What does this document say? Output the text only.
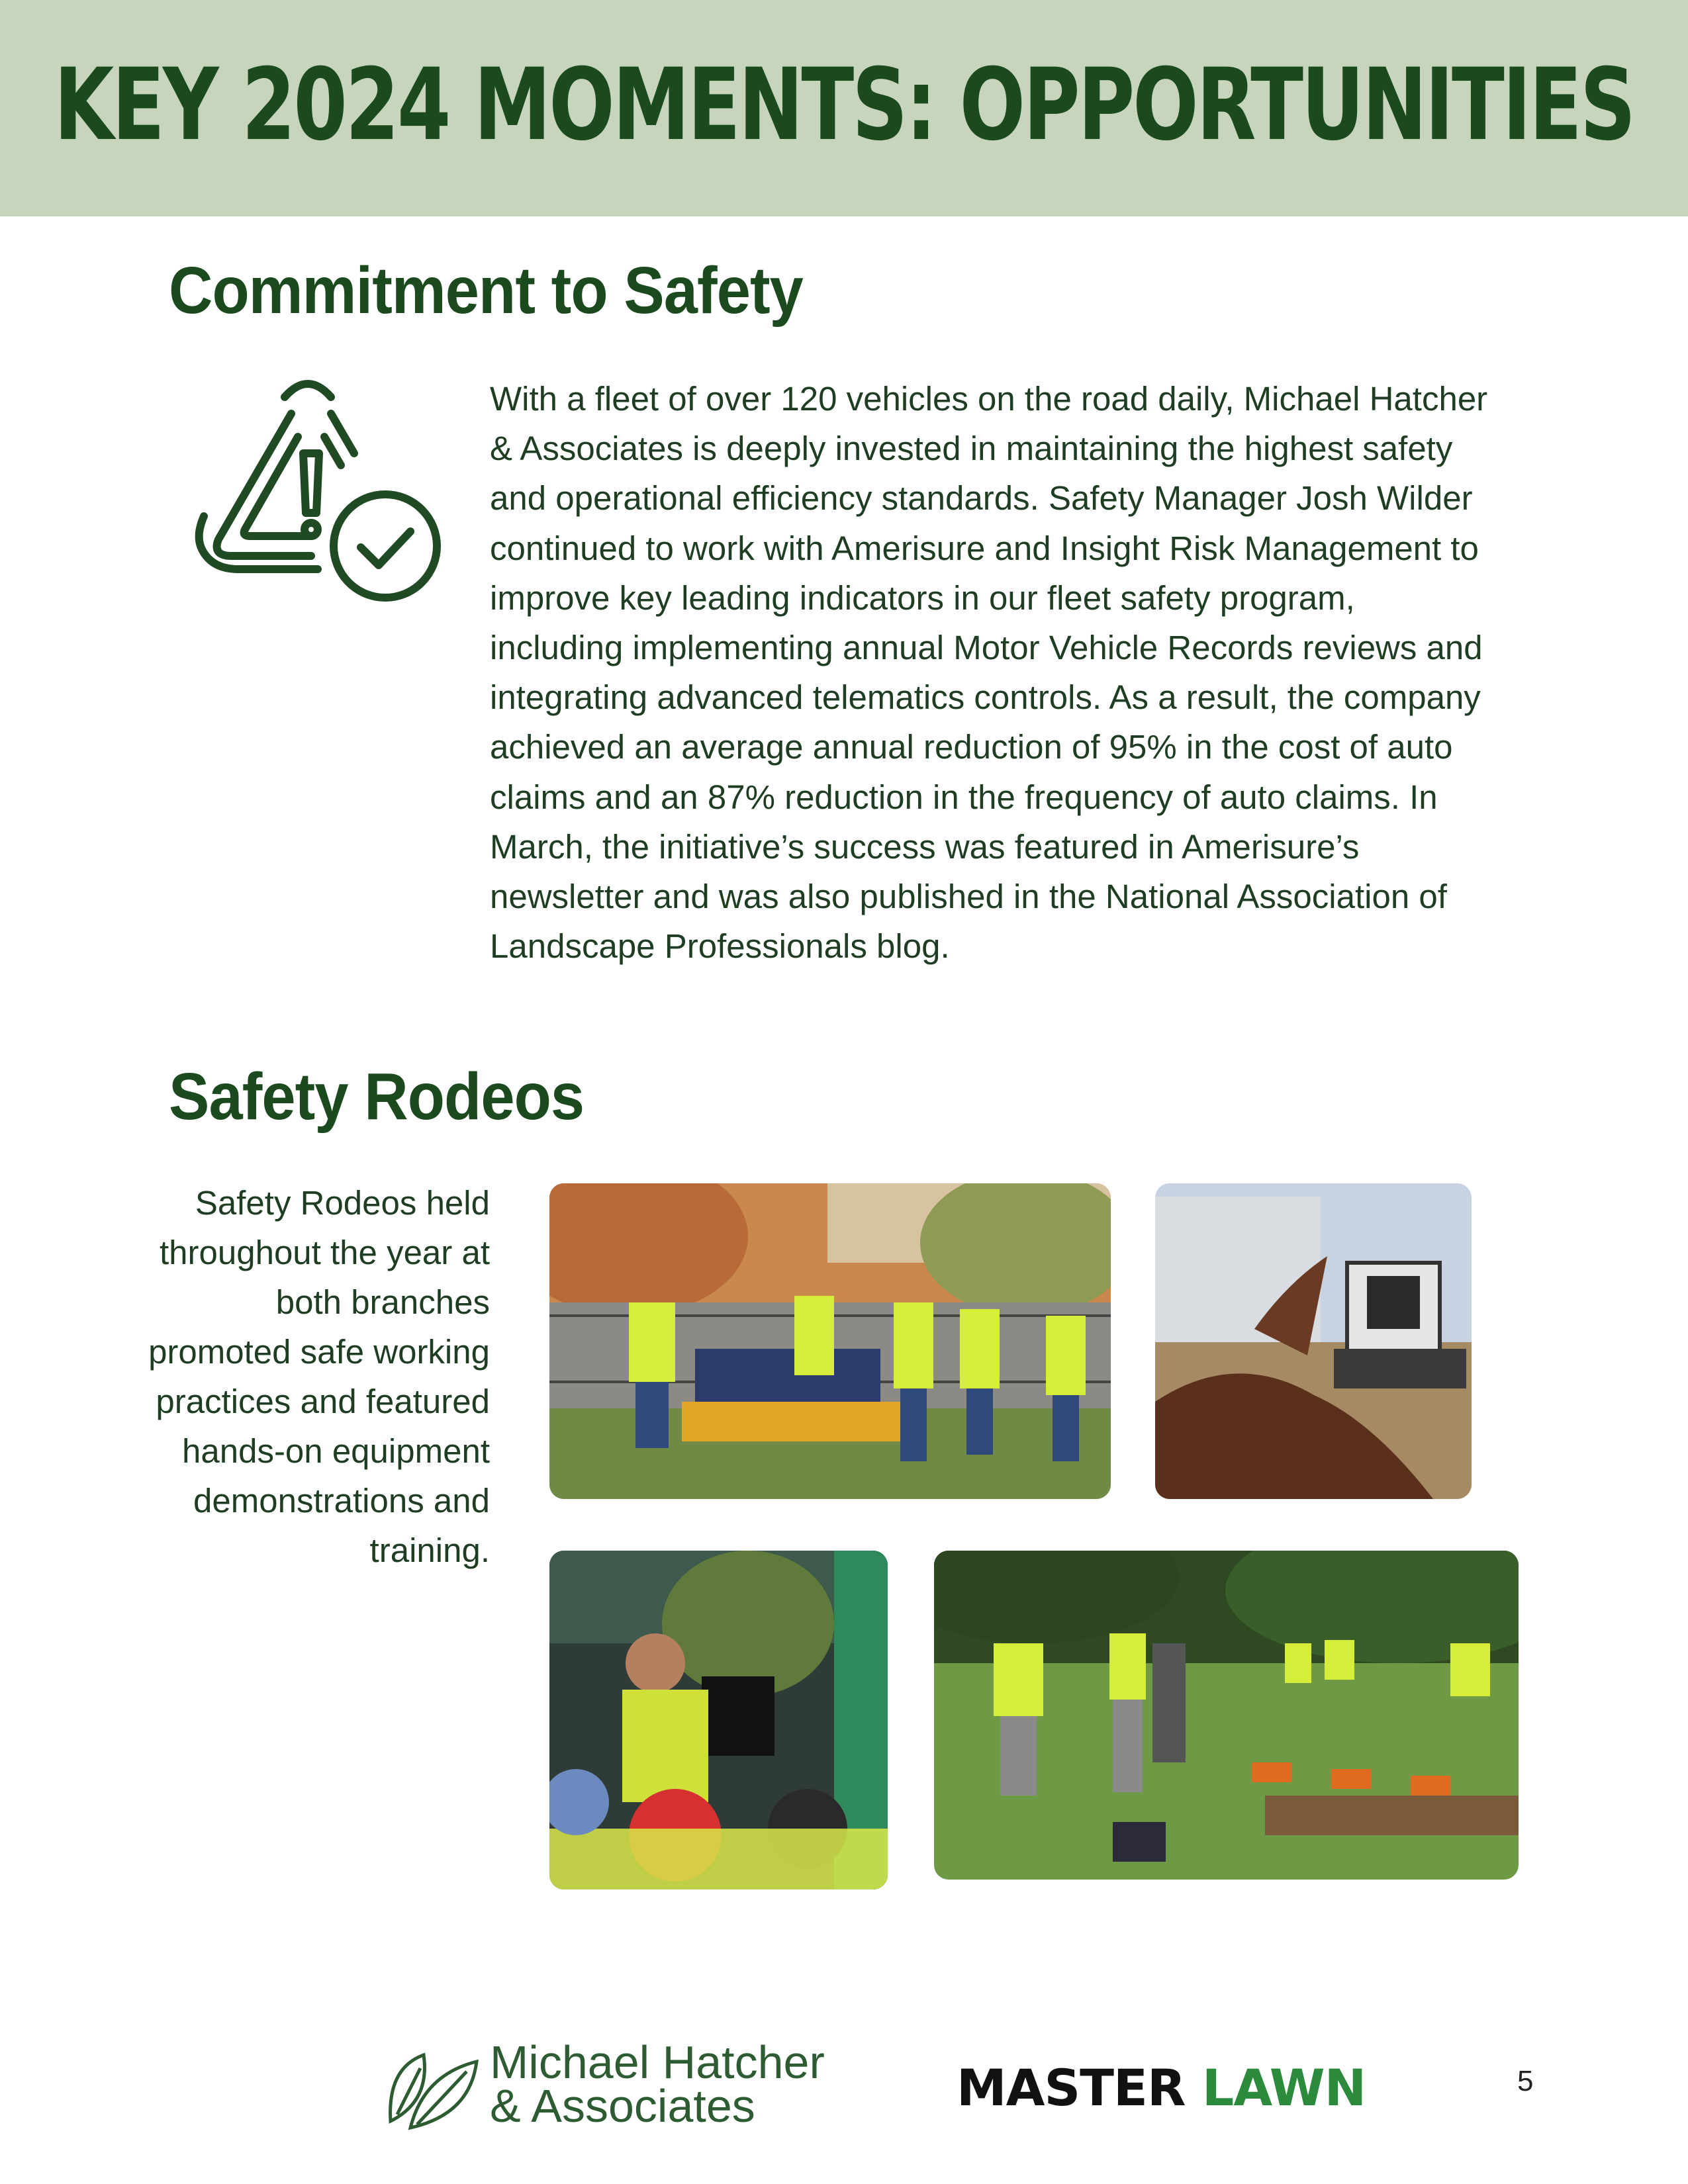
KEY 2024 MOMENTS: OPPORTUNITIES
Commitment to Safety
With a fleet of over 120 vehicles on the road daily, Michael Hatcher & Associates is deeply invested in maintaining the highest safety and operational efficiency standards. Safety Manager Josh Wilder continued to work with Amerisure and Insight Risk Management to improve key leading indicators in our fleet safety program, including implementing annual Motor Vehicle Records reviews and integrating advanced telematics controls. As a result, the company achieved an average annual reduction of 95% in the cost of auto claims and an 87% reduction in the frequency of auto claims. In March, the initiative’s success was featured in Amerisure’s newsletter and was also published in the National Association of Landscape Professionals blog.
Safety Rodeos
Safety Rodeos held throughout the year at both branches promoted safe working practices and featured hands-on equipment demonstrations and training.
Michael Hatcher
& Associates	MASTER LAWN	5
